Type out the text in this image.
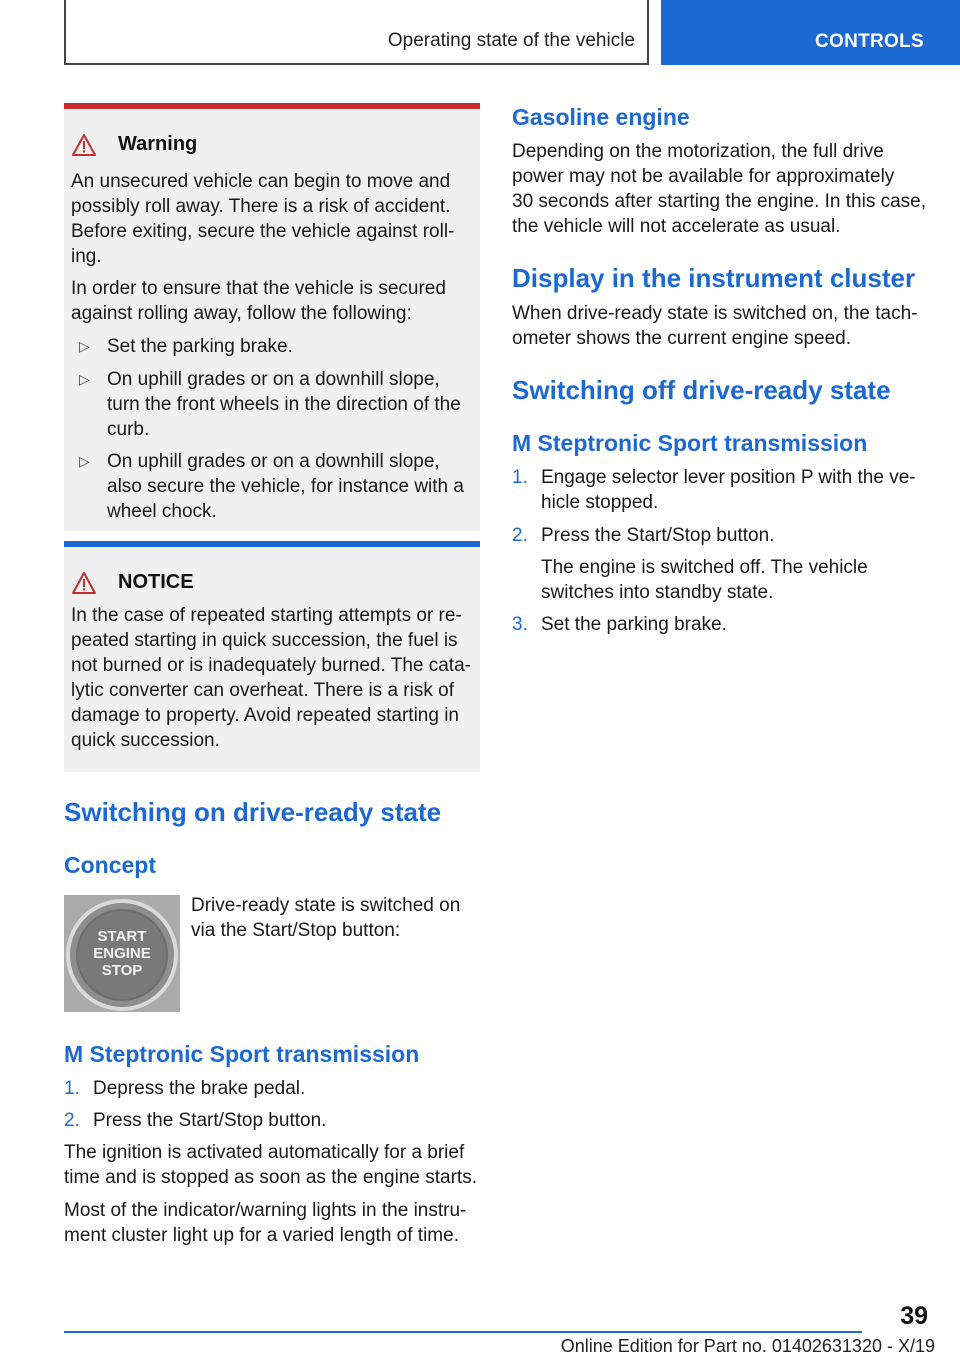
Operating state of the vehicle	CONTROLS
Warning

An unsecured vehicle can begin to move and
possibly roll away. There is a risk of accident.
Before exiting, secure the vehicle against roll‐
ing.

In order to ensure that the vehicle is secured
against rolling away, follow the following:

▷ Set the parking brake.
▷ On uphill grades or on a downhill slope,
turn the front wheels in the direction of the
curb.
▷ On uphill grades or on a downhill slope,
also secure the vehicle, for instance with a
wheel chock.
NOTICE

In the case of repeated starting attempts or re‐
peated starting in quick succession, the fuel is
not burned or is inadequately burned. The cata‐
lytic converter can overheat. There is a risk of
damage to property. Avoid repeated starting in
quick succession.

Switching on drive-ready state
Concept
START
ENGINE
STOP

Drive-ready state is switched on
via the Start/Stop button:

M Steptronic Sport transmission
1. Depress the brake pedal.
2. Press the Start/Stop button.

The ignition is activated automatically for a brief
time and is stopped as soon as the engine starts.

Most of the indicator/warning lights in the instru‐
ment cluster light up for a varied length of time.

Gasoline engine

Depending on the motorization, the full drive
power may not be available for approximately
30 seconds after starting the engine. In this case,
the vehicle will not accelerate as usual.

Display in the instrument cluster

When drive-ready state is switched on, the tach‐
ometer shows the current engine speed.

Switching off drive-ready state
M Steptronic Sport transmission
1. Engage selector lever position P with the ve‐
hicle stopped.
2. Press the Start/Stop button.
The engine is switched off. The vehicle
switches into standby state.
3. Set the parking brake.
39
Online Edition for Part no. 01402631320 - X/19
